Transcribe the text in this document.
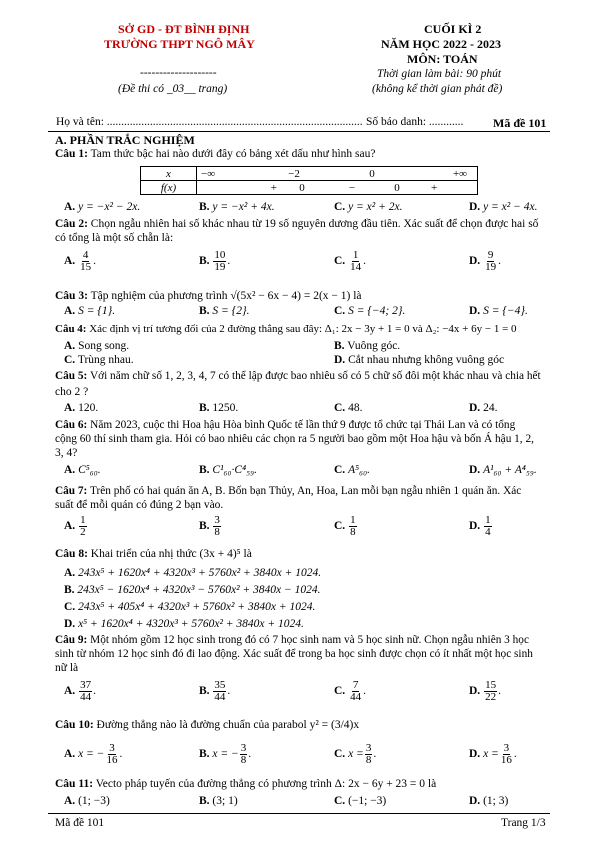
SỞ GD - ĐT BÌNH ĐỊNH
TRƯỜNG THPT NGÔ MÂY
--------------------
(Đề thi có _03__ trang)
CUỐI KÌ 2
NĂM HỌC 2022 - 2023
MÔN: TOÁN
Thời gian làm bài: 90 phút
(không kể thời gian phát đề)
Họ và tên: ......................................................................................... Số báo danh: ............ Mã đề 101
A. PHẦN TRẮC NGHIỆM
Câu 1: Tam thức bậc hai nào dưới đây có bảng xét dấu như hình sau?
x	−∞	−2		0		+∞
f(x)	+		0	−	0	+
A. y = −x² − 2x.	B. y = −x² + 4x.	C. y = x² + 2x.	D. y = x² − 4x.
Câu 2: Chọn ngẫu nhiên hai số khác nhau từ 19 số nguyên dương đầu tiên. Xác suất để chọn được hai số
có tổng là một số chẵn là:
A. $\frac{4}{15}$ .	B. $\frac{10}{19}$ .	C. $\frac{1}{14}$ .	D. $\frac{9}{19}$ .
Câu 3: Tập nghiệm của phương trình √(5x² − 6x − 4) = 2(x − 1) là
A. S = {1}.	B. S = {2}.	C. S = {−4; 2}.	D. S = {−4}.
Câu 4: Xác định vị trí tương đối của 2 đường thẳng sau đây: Δ₁: 2x − 3y + 1 = 0 và Δ₂: −4x + 6y − 1 = 0
A. Song song.	B. Vuông góc.
C. Trùng nhau.	D. Cắt nhau nhưng không vuông góc
Câu 5: Với năm chữ số 1, 2, 3, 4, 7 có thể lập được bao nhiêu số có 5 chữ số đôi một khác nhau và chia hết
cho 2 ?
A. 120.	B. 1250.	C. 48.	D. 24.
Câu 6: Năm 2023, cuộc thi Hoa hậu Hòa bình Quốc tế lần thứ 9 được tổ chức tại Thái Lan và có tổng
cộng 60 thí sinh tham gia. Hỏi có bao nhiêu các chọn ra 5 người bao gồm một Hoa hậu và bốn Á hậu 1, 2,
3, 4?
A. C⁵₆₀.	B. C¹₆₀·C⁴₅₉.	C. A⁵₆₀.	D. A¹₆₀ + A⁴₅₉.
Câu 7: Trên phố có hai quán ăn A, B. Bốn bạn Thủy, An, Hoa, Lan mỗi bạn ngẫu nhiên 1 quán ăn. Xác
suất để mỗi quán có đúng 2 bạn vào.
A. $\frac{1}{2}$	B. $\frac{3}{8}$	C. $\frac{1}{8}$	D. $\frac{1}{4}$
Câu 8: Khai triển của nhị thức (3x + 4)⁵ là
A. 243x⁵ + 1620x⁴ + 4320x³ + 5760x² + 3840x + 1024.
B. 243x⁵ − 1620x⁴ + 4320x³ − 5760x² + 3840x − 1024.
C. 243x⁵ + 405x⁴ + 4320x³ + 5760x² + 3840x + 1024.
D. x⁵ + 1620x⁴ + 4320x³ + 5760x² + 3840x + 1024.
Câu 9: Một nhóm gồm 12 học sinh trong đó có 7 học sinh nam và 5 học sinh nữ. Chọn ngẫu nhiên 3 học
sinh từ nhóm 12 học sinh đó đi lao động. Xác suất để trong ba học sinh được chọn có ít nhất một học sinh
nữ là
A. $\frac{37}{44}$ .	B. $\frac{35}{44}$ .	C. $\frac{7}{44}$ .	D. $\frac{15}{22}$ .
Câu 10: Đường thẳng nào là đường chuẩn của parabol y² = (3/4)x
A. x = − $\frac{3}{16}$ .	B. x = − $\frac{3}{8}$ .	C. $x = \frac{3}{8}$ .	D. $x = \frac{3}{16}$ .
Câu 11: Vecto pháp tuyến của đường thẳng có phương trình Δ: 2x − 6y + 23 = 0 là
A. (1; −3)	B. (3; 1)	C. (−1; −3)	D. (1; 3)
Mã đề 101	Trang 1/3
